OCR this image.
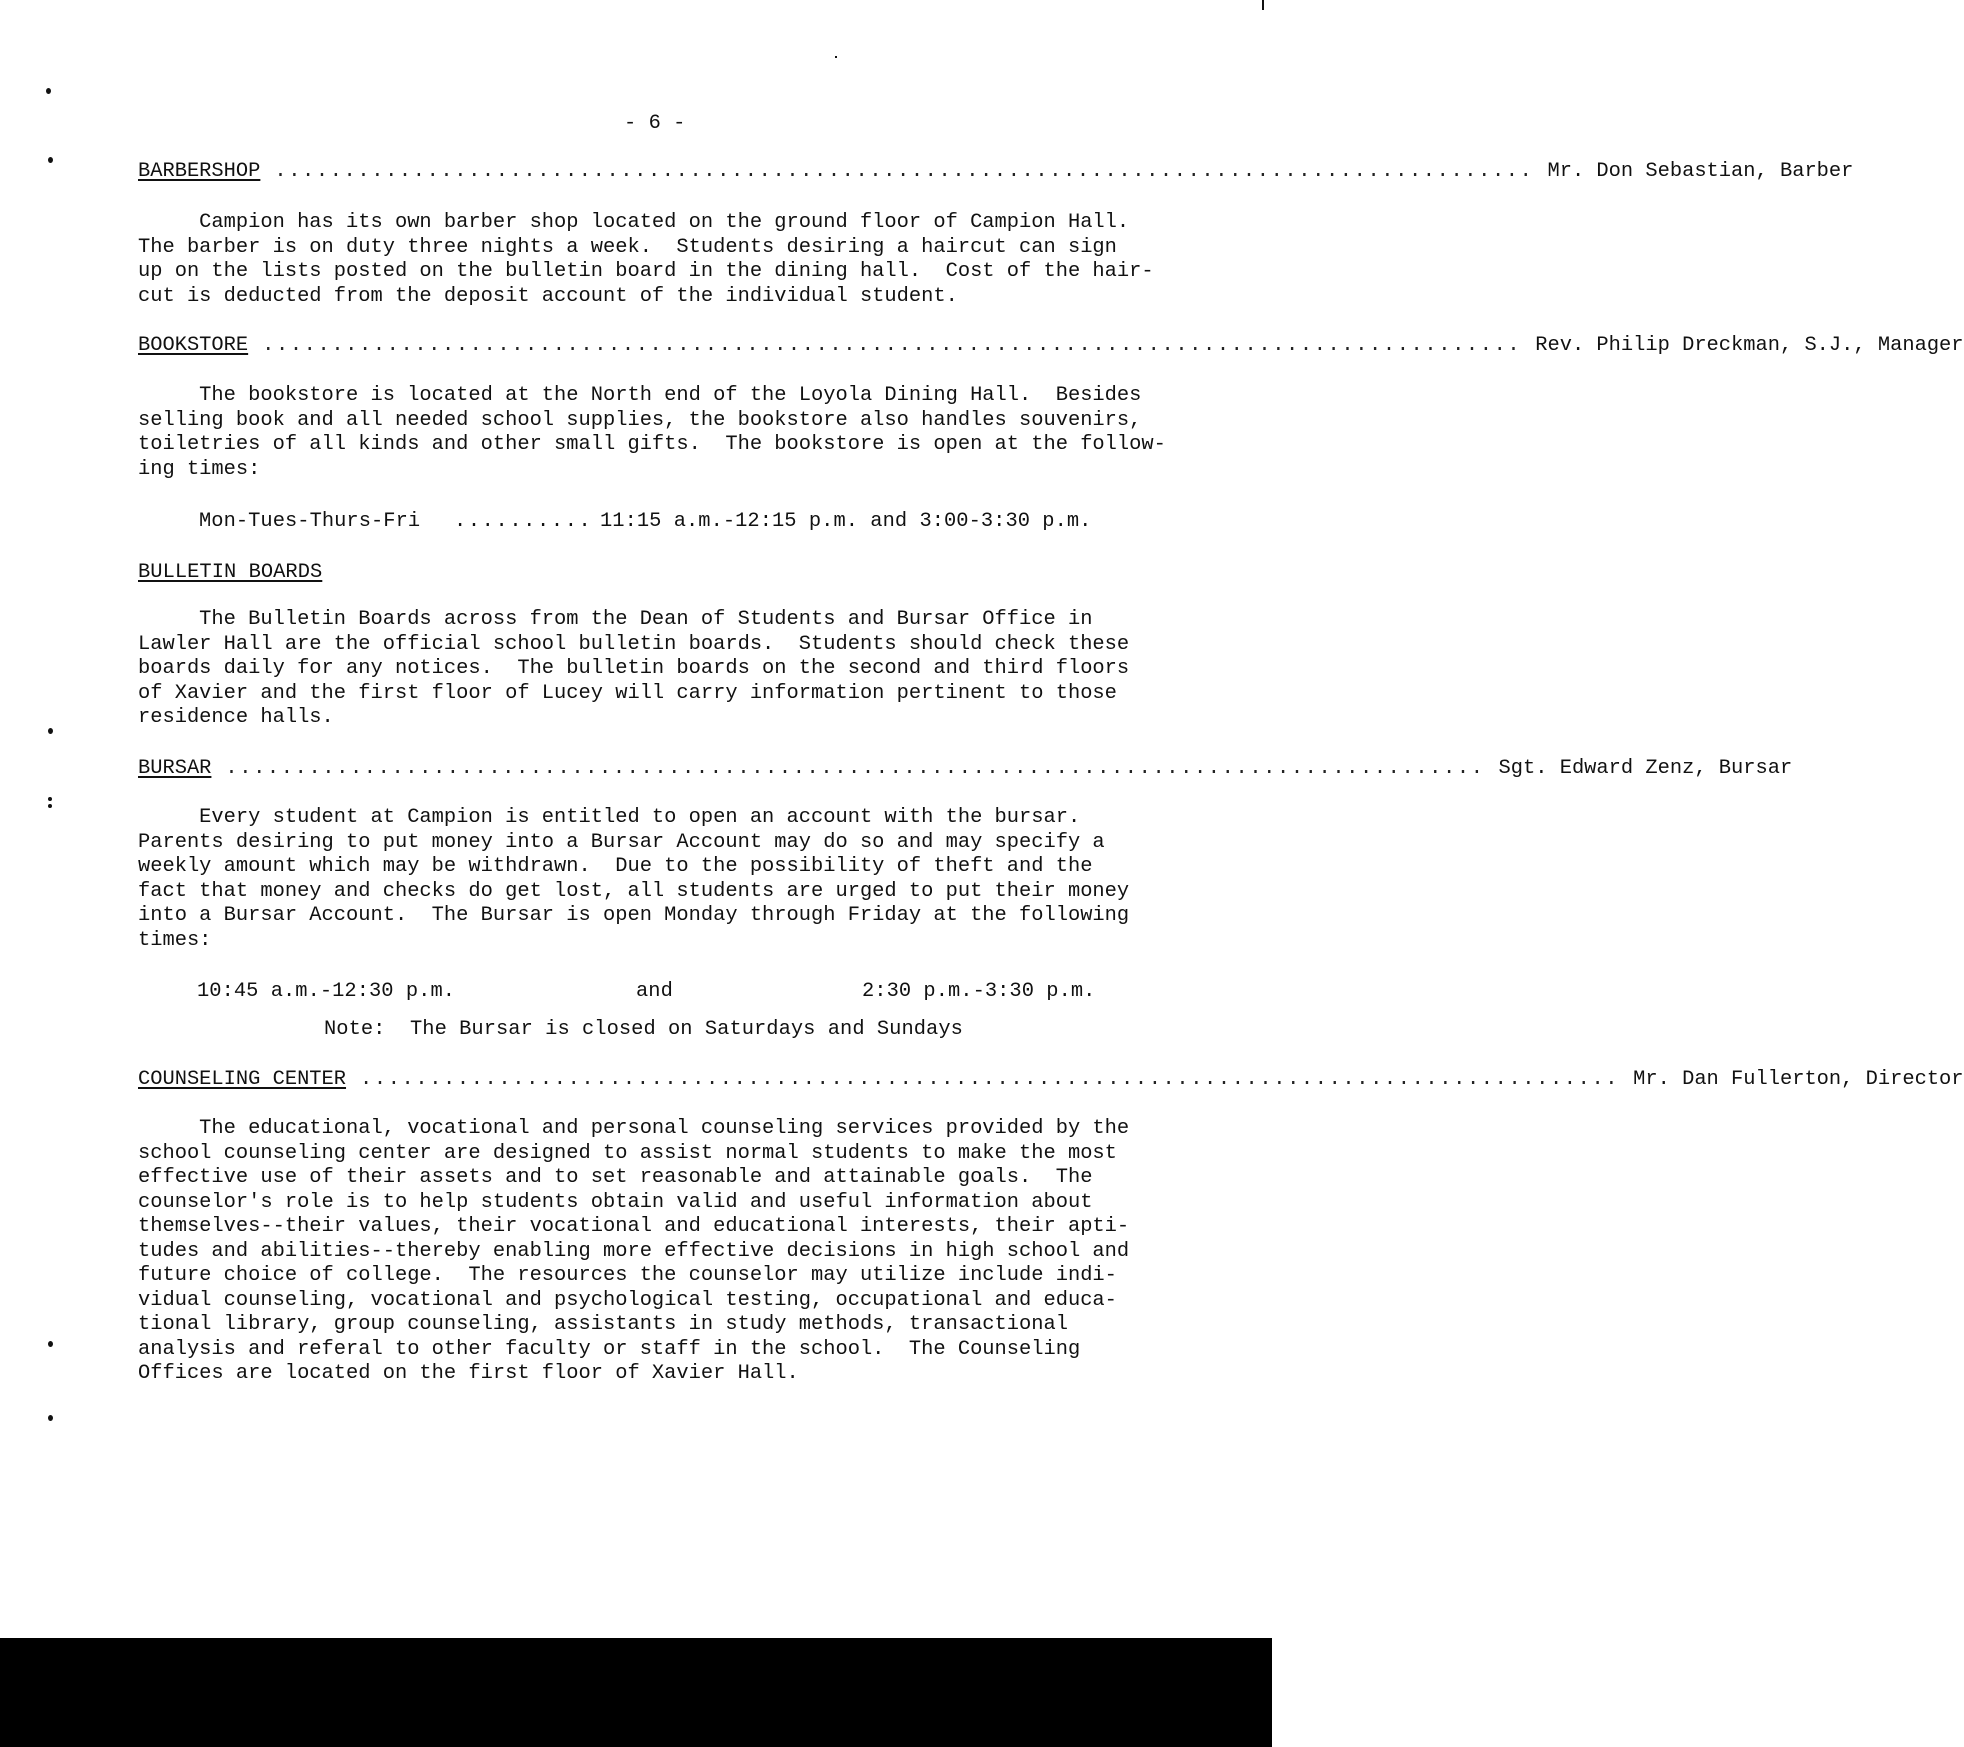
- 6 -
BARBERSHOP ........................................................................................... Mr. Don Sebastian, Barber
Campion has its own barber shop located on the ground floor of Campion Hall.
The barber is on duty three nights a week.  Students desiring a haircut can sign
up on the lists posted on the bulletin board in the dining hall.  Cost of the hair-
cut is deducted from the deposit account of the individual student.
BOOKSTORE ........................................................................................... Rev. Philip Dreckman, S.J., Manager
The bookstore is located at the North end of the Loyola Dining Hall.  Besides
selling book and all needed school supplies, the bookstore also handles souvenirs,
toiletries of all kinds and other small gifts.  The bookstore is open at the follow-
ing times:
Mon-Tues-Thurs-Fri .......... 11:15 a.m.-12:15 p.m. and 3:00-3:30 p.m.
BULLETIN BOARDS
The Bulletin Boards across from the Dean of Students and Bursar Office in
Lawler Hall are the official school bulletin boards.  Students should check these
boards daily for any notices.  The bulletin boards on the second and third floors
of Xavier and the first floor of Lucey will carry information pertinent to those
residence halls.
BURSAR ........................................................................................... Sgt. Edward Zenz, Bursar
Every student at Campion is entitled to open an account with the bursar.
Parents desiring to put money into a Bursar Account may do so and may specify a
weekly amount which may be withdrawn.  Due to the possibility of theft and the
fact that money and checks do get lost, all students are urged to put their money
into a Bursar Account.  The Bursar is open Monday through Friday at the following
times:
10:45 a.m.-12:30 p.m.	and	2:30 p.m.-3:30 p.m.
Note:  The Bursar is closed on Saturdays and Sundays
COUNSELING CENTER ........................................................................................... Mr. Dan Fullerton, Director
The educational, vocational and personal counseling services provided by the
school counseling center are designed to assist normal students to make the most
effective use of their assets and to set reasonable and attainable goals.  The
counselor's role is to help students obtain valid and useful information about
themselves--their values, their vocational and educational interests, their apti-
tudes and abilities--thereby enabling more effective decisions in high school and
future choice of college.  The resources the counselor may utilize include indi-
vidual counseling, vocational and psychological testing, occupational and educa-
tional library, group counseling, assistants in study methods, transactional
analysis and referal to other faculty or staff in the school.  The Counseling
Offices are located on the first floor of Xavier Hall.
